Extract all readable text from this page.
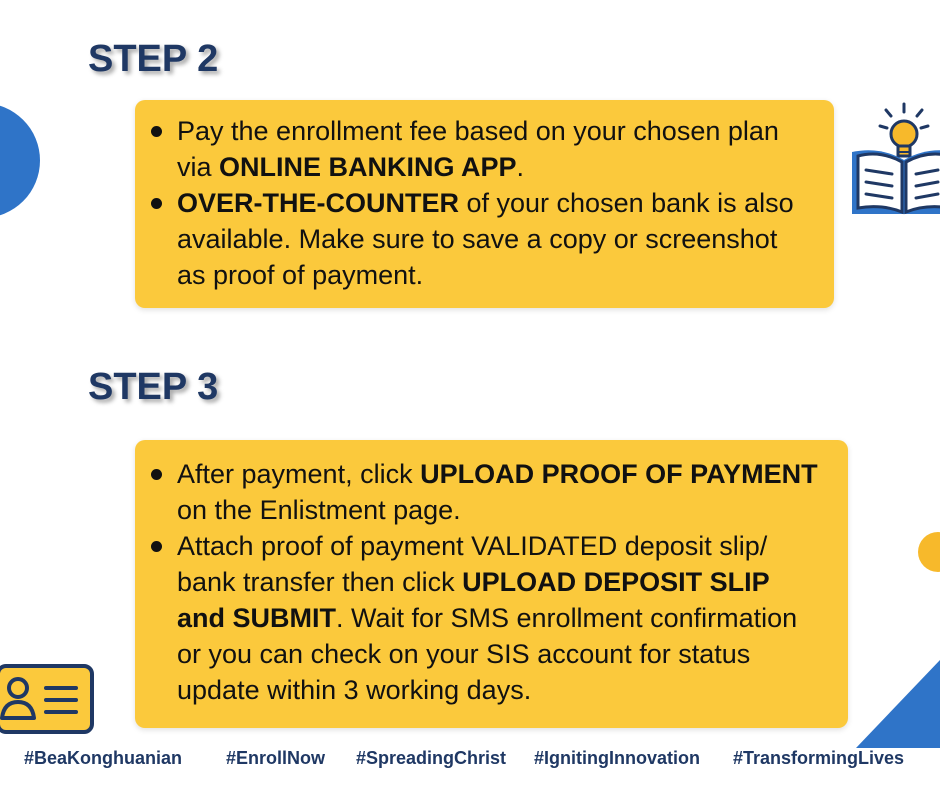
STEP 2
Pay the enrollment fee based on your chosen plan via ONLINE BANKING APP.
OVER-THE-COUNTER of your chosen bank is also available. Make sure to save a copy or screenshot as proof of payment.
STEP 3
After payment, click UPLOAD PROOF OF PAYMENT on the Enlistment page.
Attach proof of payment VALIDATED deposit slip/ bank transfer then click UPLOAD DEPOSIT SLIP and SUBMIT. Wait for SMS enrollment confirmation or you can check on your SIS account for status update within 3 working days.
#BeaKonghuanian #EnrollNow #SpreadingChrist #IgnitingInnovation #TransformingLives
